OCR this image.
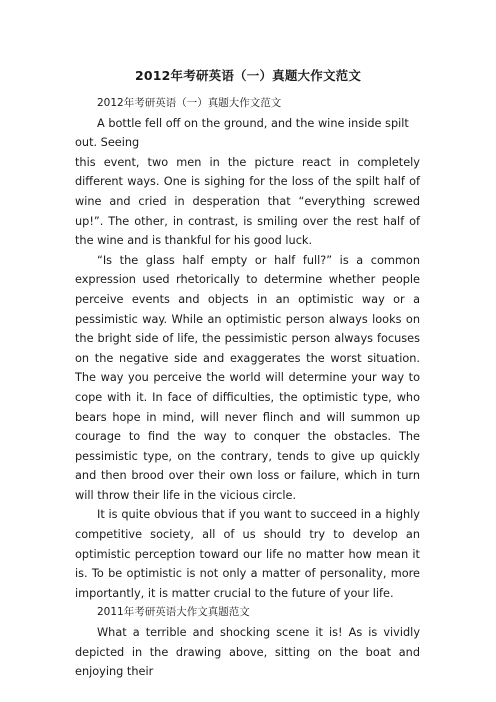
2012年考研英语（一）真题大作文范文

2012年考研英语（一）真题大作文范文

A bottle fell off on the ground, and the wine inside spilt out. Seeing

this event, two men in the picture react in completely different ways. One is sighing for the loss of the spilt half of wine and cried in desperation that “everything screwed up!”. The other, in contrast, is smiling over the rest half of the wine and is thankful for his good luck.

“Is the glass half empty or half full?” is a common expression used rhetorically to determine whether people perceive events and objects in an optimistic way or a pessimistic way. While an optimistic person always looks on the bright side of life, the pessimistic person always focuses on the negative side and exaggerates the worst situation. The way you perceive the world will determine your way to cope with it. In face of difficulties, the optimistic type, who bears hope in mind, will never flinch and will summon up courage to find the way to conquer the obstacles. The pessimistic type, on the contrary, tends to give up quickly and then brood over their own loss or failure, which in turn will throw their life in the vicious circle.

It is quite obvious that if you want to succeed in a highly competitive society, all of us should try to develop an optimistic perception toward our life no matter how mean it is. To be optimistic is not only a matter of personality, more importantly, it is matter crucial to the future of your life.

2011年考研英语大作文真题范文

What a terrible and shocking scene it is! As is vividly depicted in the drawing above, sitting on the boat and enjoying their
